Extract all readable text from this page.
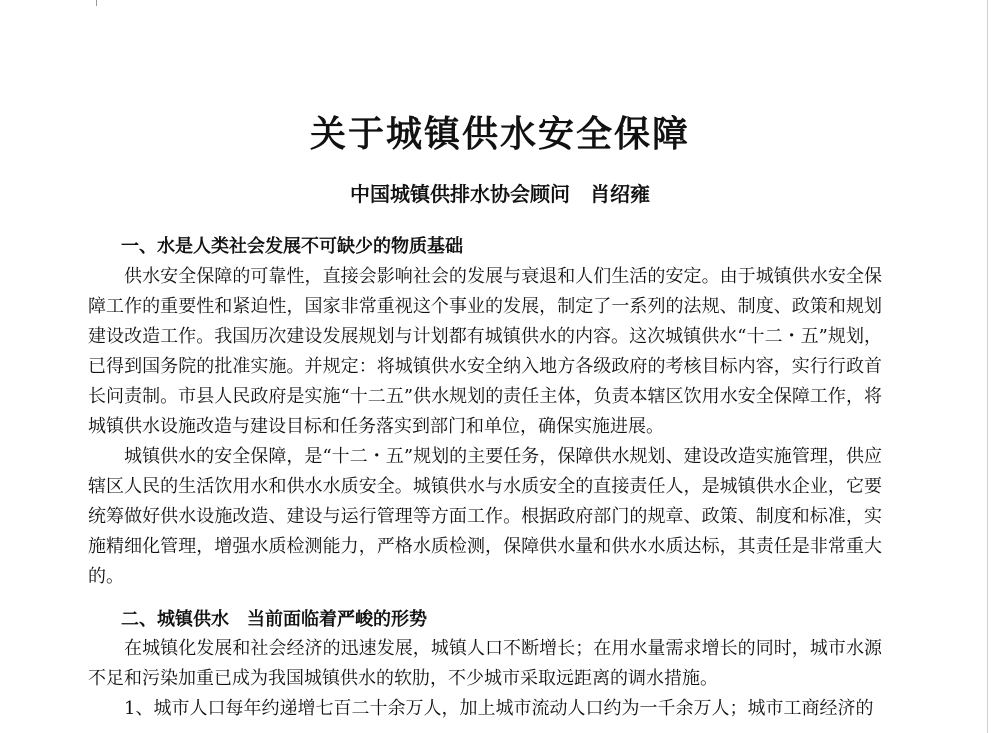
关于城镇供水安全保障
中国城镇供排水协会顾问　肖绍雍
一、水是人类社会发展不可缺少的物质基础

供水安全保障的可靠性，直接会影响社会的发展与衰退和人们生活的安定。由于城镇供水安全保障工作的重要性和紧迫性，国家非常重视这个事业的发展，制定了一系列的法规、制度、政策和规划建设改造工作。我国历次建设发展规划与计划都有城镇供水的内容。这次城镇供水“十二・五”规划，已得到国务院的批准实施。并规定：将城镇供水安全纳入地方各级政府的考核目标内容，实行行政首长问责制。市县人民政府是实施“十二五”供水规划的责任主体，负责本辖区饮用水安全保障工作，将城镇供水设施改造与建设目标和任务落实到部门和单位，确保实施进展。

城镇供水的安全保障，是“十二・五”规划的主要任务，保障供水规划、建设改造实施管理，供应辖区人民的生活饮用水和供水水质安全。城镇供水与水质安全的直接责任人，是城镇供水企业，它要统筹做好供水设施改造、建设与运行管理等方面工作。根据政府部门的规章、政策、制度和标准，实施精细化管理，增强水质检测能力，严格水质检测，保障供水量和供水水质达标，其责任是非常重大的。

二、城镇供水　当前面临着严峻的形势

在城镇化发展和社会经济的迅速发展，城镇人口不断增长；在用水量需求增长的同时，城市水源不足和污染加重已成为我国城镇供水的软肋，不少城市采取远距离的调水措施。

1、城市人口每年约递增七百二十余万人，加上城市流动人口约为一千余万人；城市工商经济的
